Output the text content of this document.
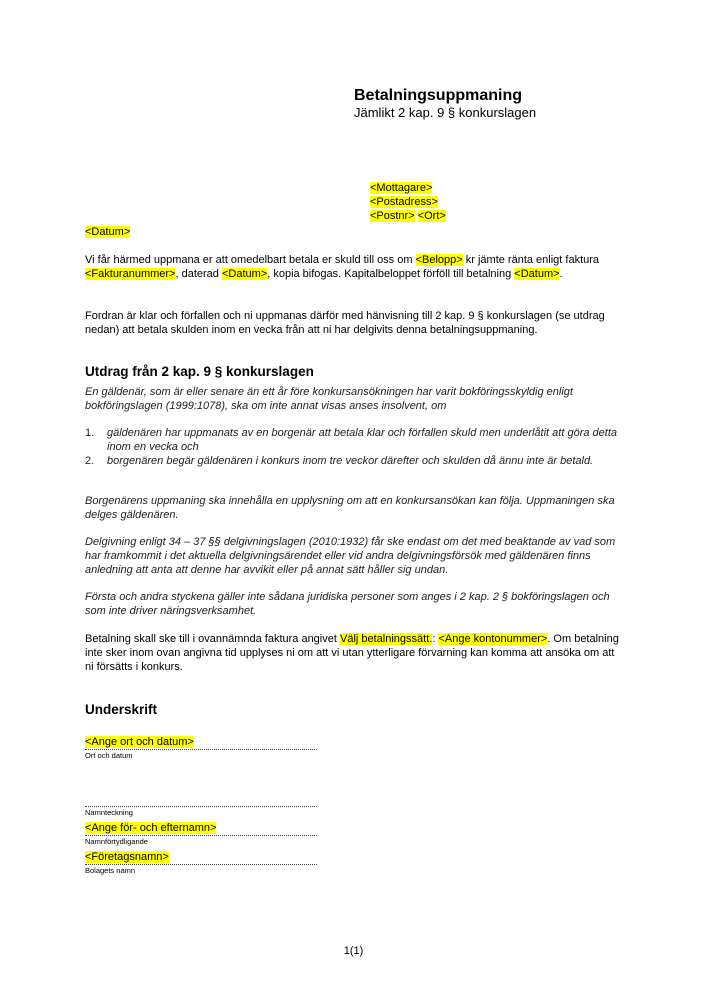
Betalningsuppmaning
Jämlikt 2 kap. 9 § konkurslagen
<Mottagare>
<Postadress>
<Postnr> <Ort>
<Datum>

Vi får härmed uppmana er att omedelbart betala er skuld till oss om <Belopp> kr jämte ränta enligt faktura <Fakturanummer>, daterad <Datum>, kopia bifogas. Kapitalbeloppet förföll till betalning <Datum>.

Fordran är klar och förfallen och ni uppmanas därför med hänvisning till 2 kap. 9 § konkurslagen (se utdrag nedan) att betala skulden inom en vecka från att ni har delgivits denna betalningsuppmaning.

Utdrag från 2 kap. 9 § konkurslagen

En gäldenär, som är eller senare än ett år före konkursansökningen har varit bokföringsskyldig enligt bokföringslagen (1999:1078), ska om inte annat visas anses insolvent, om

1. gäldenären har uppmanats av en borgenär att betala klar och förfallen skuld men underlåtit att göra detta inom en vecka och
2. borgenären begär gäldenären i konkurs inom tre veckor därefter och skulden då ännu inte är betald.

Borgenärens uppmaning ska innehålla en upplysning om att en konkursansökan kan följa. Uppmaningen ska delges gäldenären.

Delgivning enligt 34 – 37 §§ delgivningslagen (2010:1932) får ske endast om det med beaktande av vad som har framkommit i det aktuella delgivningsärendet eller vid andra delgivningsförsök med gäldenären finns anledning att anta att denne har avvikit eller på annat sätt håller sig undan.

Första och andra styckena gäller inte sådana juridiska personer som anges i 2 kap. 2 § bokföringslagen och som inte driver näringsverksamhet.

Betalning skall ske till i ovannämnda faktura angivet Välj betalningssätt.: <Ange kontonummer>. Om betalning inte sker inom ovan angivna tid upplyses ni om att vi utan ytterligare förvarning kan komma att ansöka om att ni försätts i konkurs.

Underskrift
<Ange ort och datum>
Ort och datum
Namnteckning
<Ange för- och efternamn>
Namnförtydligande
<Företagsnamn>
Bolagets namn
1(1)
